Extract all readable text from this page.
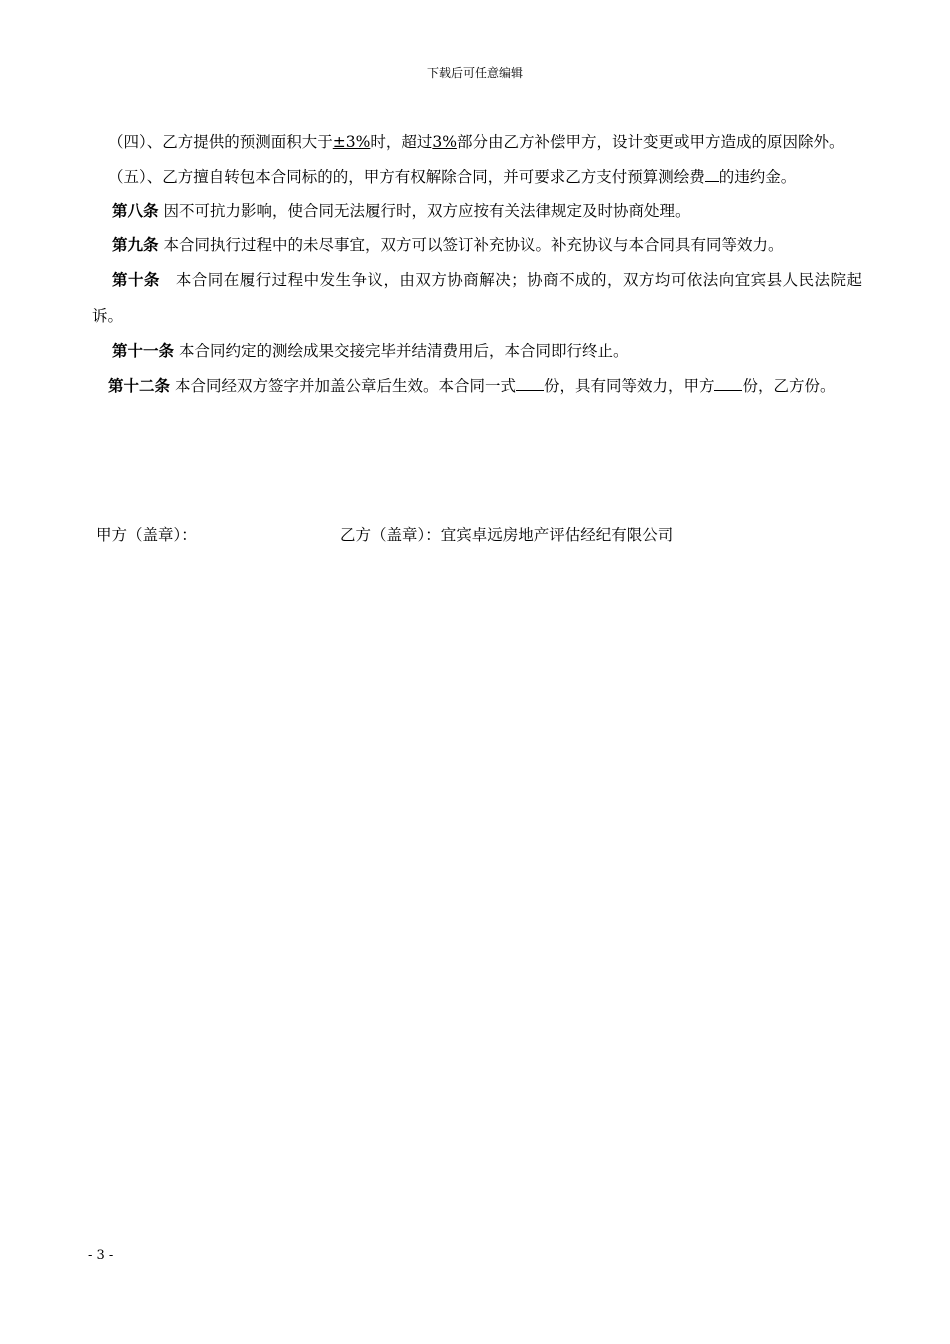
下载后可任意编辑

（四）、乙方提供的预测面积大于±3%时，超过3%部分由乙方补偿甲方，设计变更或甲方造成的原因除外。

（五）、乙方擅自转包本合同标的的，甲方有权解除合同，并可要求乙方支付预算测绘费 的违约金。

第八条 因不可抗力影响，使合同无法履行时，双方应按有关法律规定及时协商处理。

第九条 本合同执行过程中的未尽事宜，双方可以签订补充协议。补充协议与本合同具有同等效力。

第十条　本合同在履行过程中发生争议，由双方协商解决；协商不成的，双方均可依法向宜宾县人民法院起诉。

第十一条 本合同约定的测绘成果交接完毕并结清费用后，本合同即行终止。

第十二条 本合同经双方签字并加盖公章后生效。本合同一式 份，具有同等效力，甲方 份，乙方份。

甲方（盖章）：	乙方（盖章）：宜宾卓远房地产评估经纪有限公司
- 3 -
